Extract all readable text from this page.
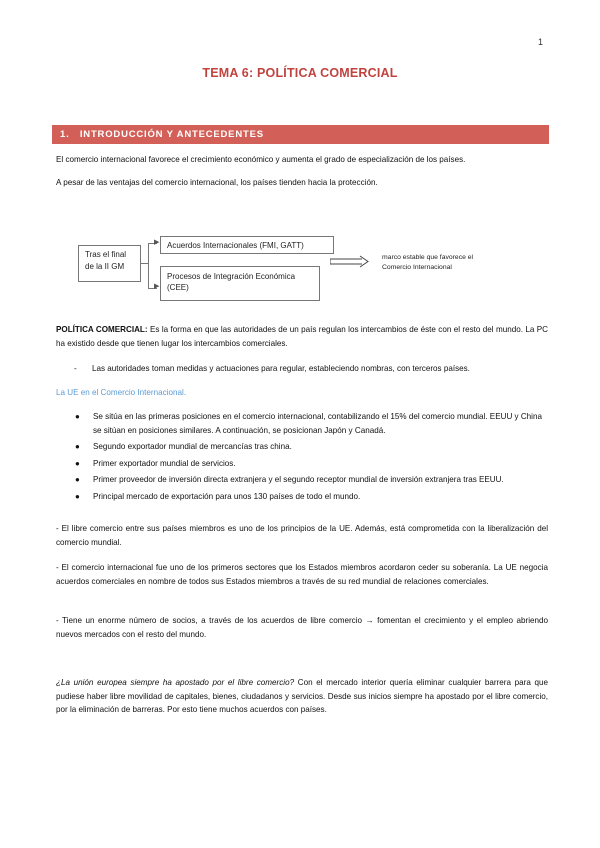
1
TEMA 6: POLÍTICA COMERCIAL
1. INTRODUCCIÓN Y ANTECEDENTES
El comercio internacional favorece el crecimiento económico y aumenta el grado de especialización de los países.
A pesar de las ventajas del comercio internacional, los países tienden hacia la protección.
Tras el final de la II GM
▶
▶
Acuerdos Internacionales (FMI, GATT)
Procesos de Integración Económica (CEE)
marco estable que favorece el Comercio Internacional
POLÍTICA COMERCIAL: Es la forma en que las autoridades de un país regulan los intercambios de éste con el resto del mundo. La PC ha existido desde que tienen lugar los intercambios comerciales.
- Las autoridades toman medidas y actuaciones para regular, estableciendo nombras, con terceros países.
La UE en el Comercio Internacional.
● Se sitúa en las primeras posiciones en el comercio internacional, contabilizando el 15% del comercio mundial. EEUU y China se sitúan en posiciones similares. A continuación, se posicionan Japón y Canadá.
● Segundo exportador mundial de mercancías tras china.
● Primer exportador mundial de servicios.
● Primer proveedor de inversión directa extranjera y el segundo receptor mundial de inversión extranjera tras EEUU.
● Principal mercado de exportación para unos 130 países de todo el mundo.
- El libre comercio entre sus países miembros es uno de los principios de la UE. Además, está comprometida con la liberalización del comercio mundial.
- El comercio internacional fue uno de los primeros sectores que los Estados miembros acordaron ceder su soberanía. La UE negocia acuerdos comerciales en nombre de todos sus Estados miembros a través de su red mundial de relaciones comerciales.
- Tiene un enorme número de socios, a través de los acuerdos de libre comercio → fomentan el crecimiento y el empleo abriendo nuevos mercados con el resto del mundo.
¿La unión europea siempre ha apostado por el libre comercio? Con el mercado interior quería eliminar cualquier barrera para que pudiese haber libre movilidad de capitales, bienes, ciudadanos y servicios. Desde sus inicios siempre ha apostado por el libre comercio, por la eliminación de barreras. Por esto tiene muchos acuerdos con países.
